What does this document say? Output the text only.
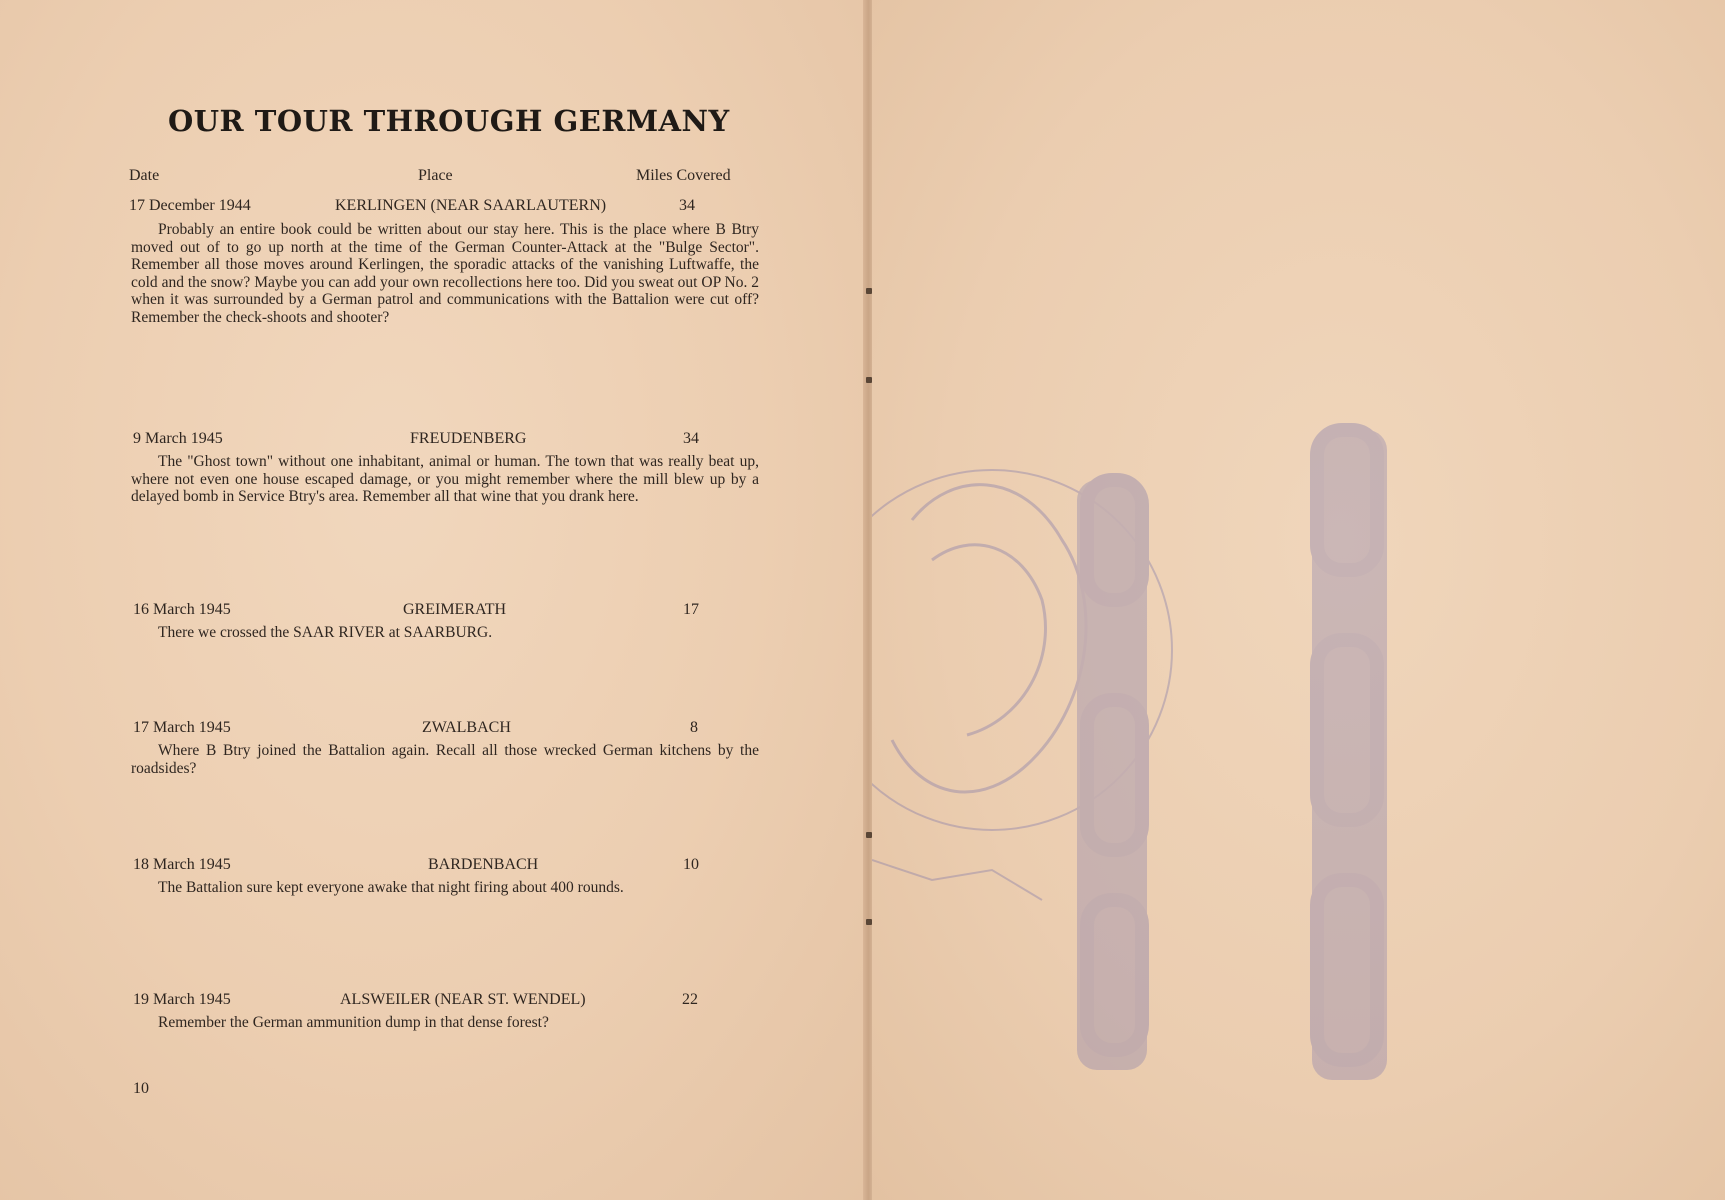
OUR TOUR THROUGH GERMANY
Date	Place	Miles Covered
17 December 1944	KERLINGEN (NEAR SAARLAUTERN)	34
Probably an entire book could be written about our stay here. This is the place where B Btry moved out of to go up north at the time of the German Counter-Attack at the "Bulge Sector". Remember all those moves around Kerlingen, the sporadic attacks of the vanishing Luftwaffe, the cold and the snow? Maybe you can add your own recollections here too. Did you sweat out OP No. 2 when it was surrounded by a German patrol and communications with the Battalion were cut off? Remember the check-shoots and shooter?
9 March 1945	FREUDENBERG	34
The "Ghost town" without one inhabitant, animal or human. The town that was really beat up, where not even one house escaped damage, or you might remember where the mill blew up by a delayed bomb in Service Btry's area. Remember all that wine that you drank here.
16 March 1945	GREIMERATH	17
There we crossed the SAAR RIVER at SAARBURG.
17 March 1945	ZWALBACH	8
Where B Btry joined the Battalion again. Recall all those wrecked German kitchens by the roadsides?
18 March 1945	BARDENBACH	10
The Battalion sure kept everyone awake that night firing about 400 rounds.
19 March 1945	ALSWEILER (NEAR ST. WENDEL)	22
Remember the German ammunition dump in that dense forest?
10
